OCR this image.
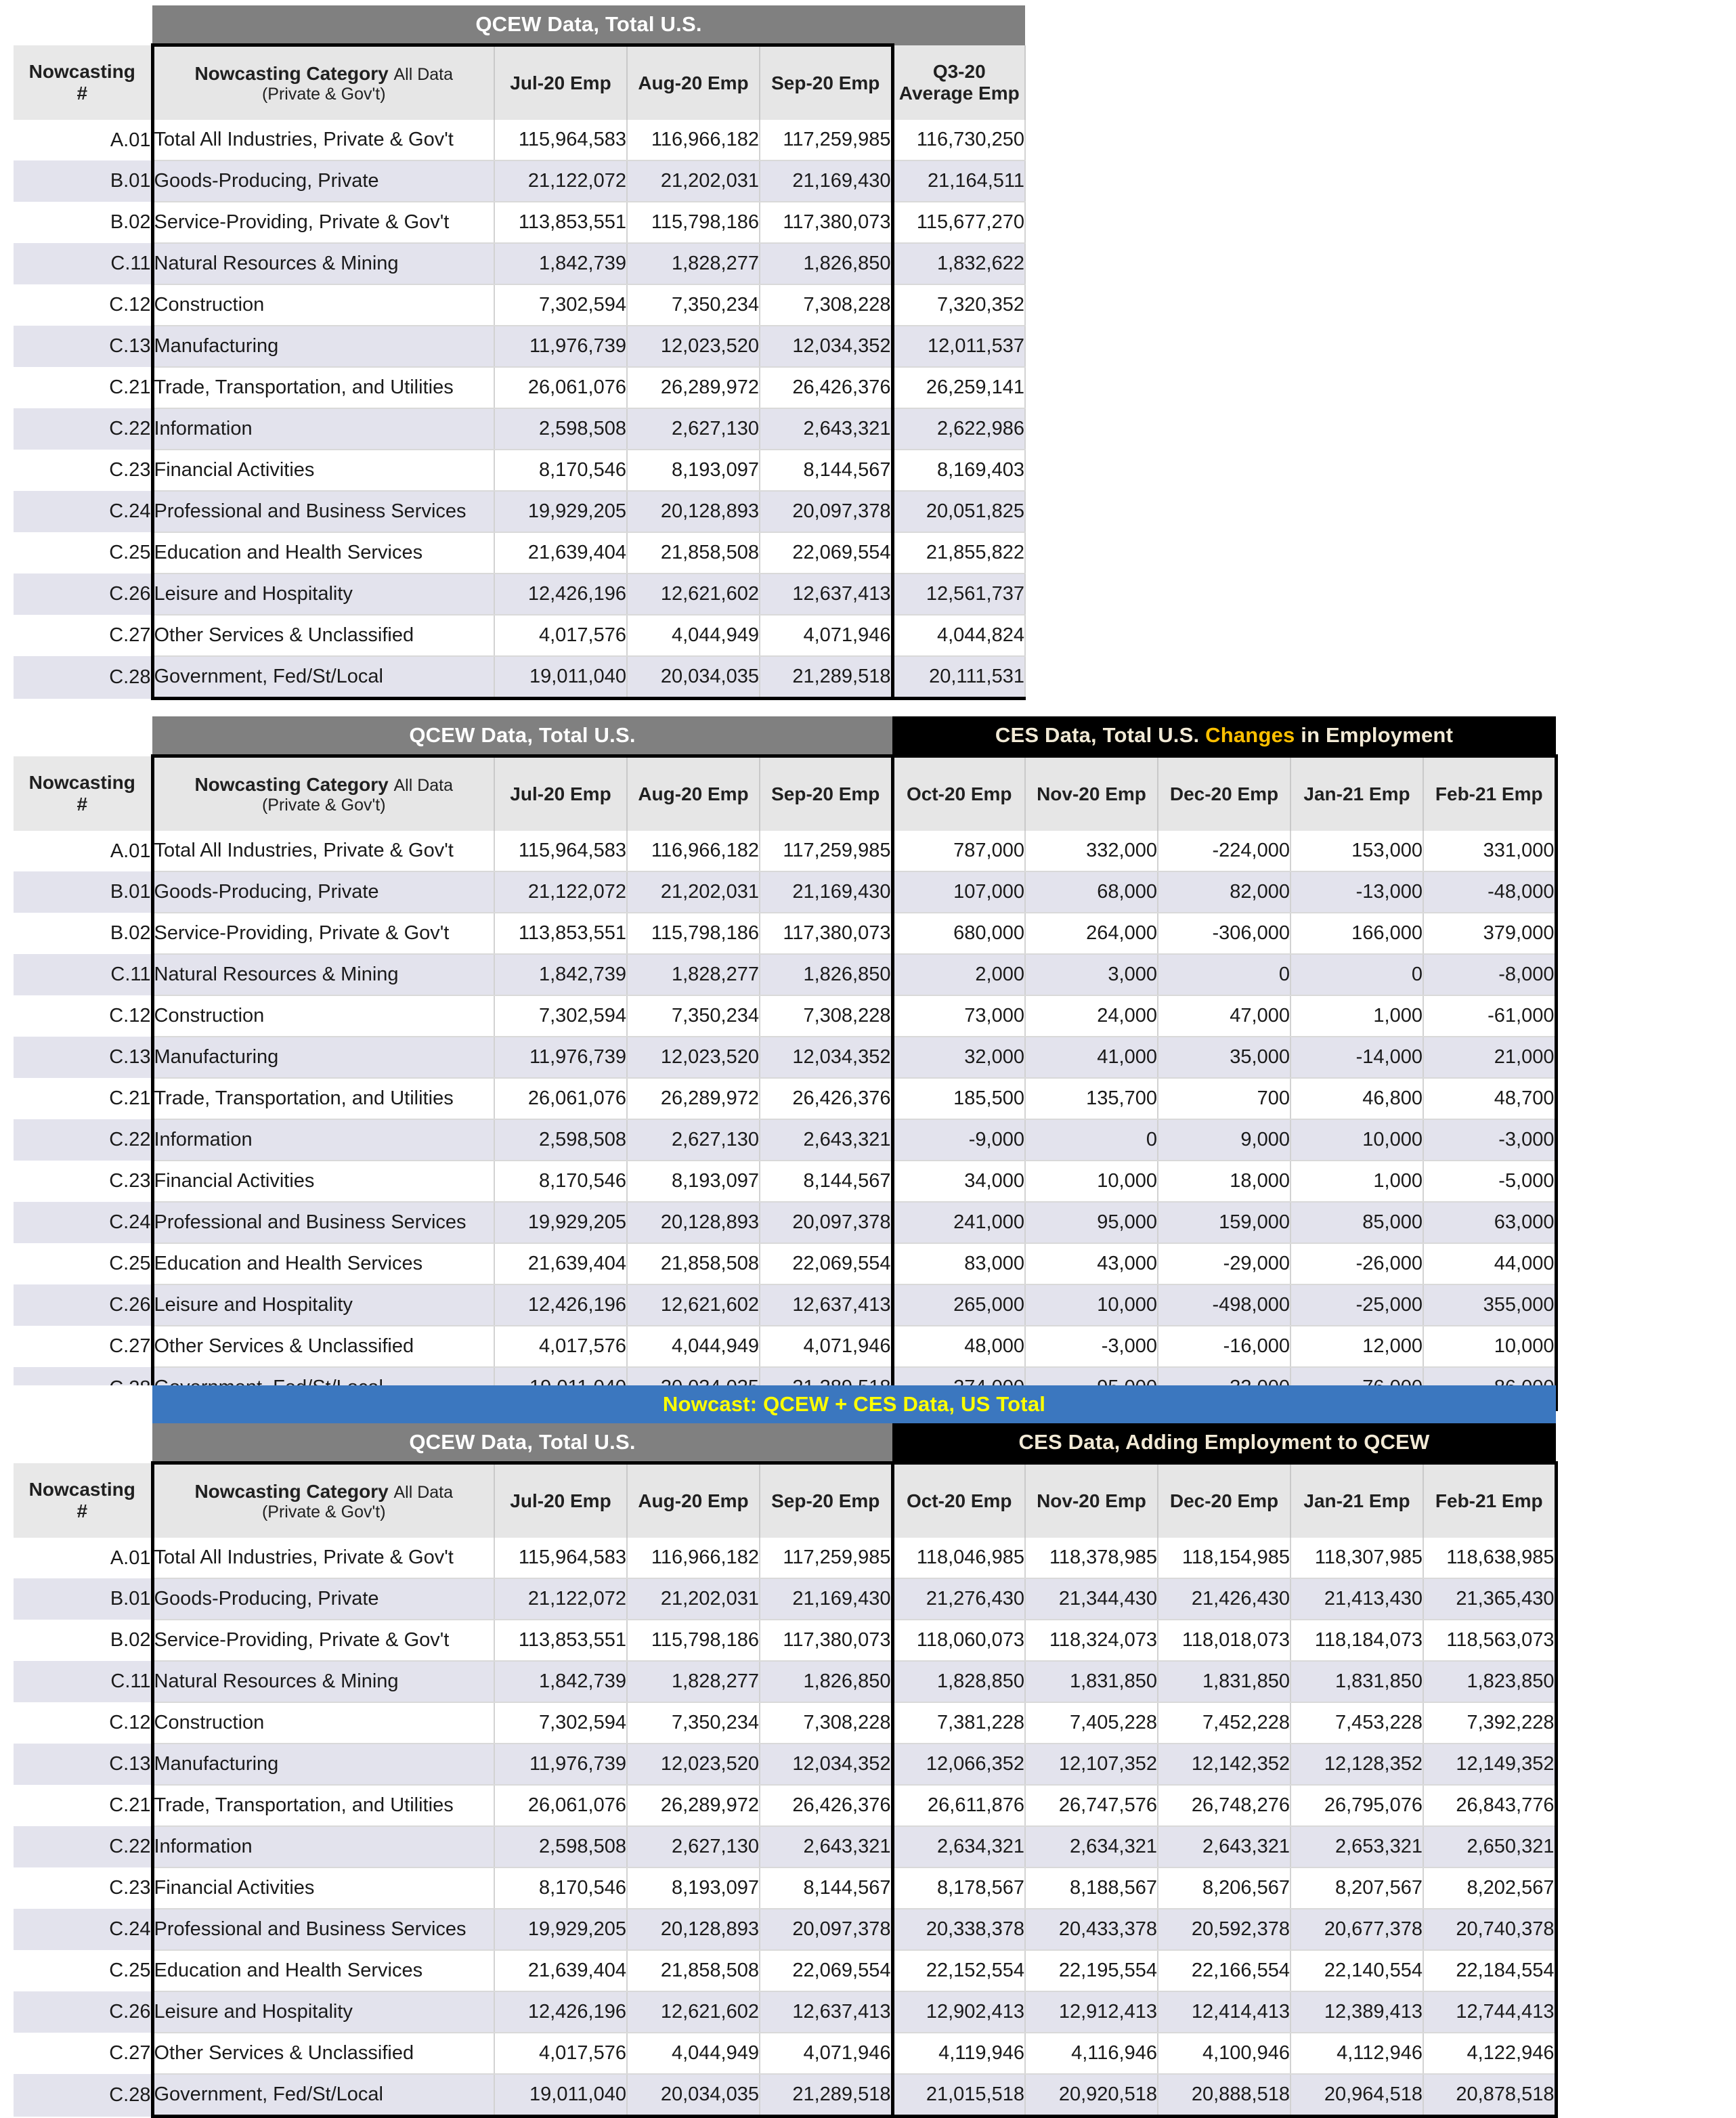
	QCEW Data, Total U.S.				
Nowcasting
#	Nowcasting Category All Data
(Private & Gov't)	Jul-20 Emp	Aug-20 Emp	Sep-20 Emp	Q3-20
Average Emp
A.01	Total All Industries, Private & Gov't	115,964,583	116,966,182	117,259,985	116,730,250
B.01	Goods-Producing, Private	21,122,072	21,202,031	21,169,430	21,164,511
B.02	Service-Providing, Private & Gov't	113,853,551	115,798,186	117,380,073	115,677,270
C.11	Natural Resources & Mining	1,842,739	1,828,277	1,826,850	1,832,622
C.12	Construction	7,302,594	7,350,234	7,308,228	7,320,352
C.13	Manufacturing	11,976,739	12,023,520	12,034,352	12,011,537
C.21	Trade, Transportation, and Utilities	26,061,076	26,289,972	26,426,376	26,259,141
C.22	Information	2,598,508	2,627,130	2,643,321	2,622,986
C.23	Financial Activities	8,170,546	8,193,097	8,144,567	8,169,403
C.24	Professional and Business Services	19,929,205	20,128,893	20,097,378	20,051,825
C.25	Education and Health Services	21,639,404	21,858,508	22,069,554	21,855,822
C.26	Leisure and Hospitality	12,426,196	12,621,602	12,637,413	12,561,737
C.27	Other Services & Unclassified	4,017,576	4,044,949	4,071,946	4,044,824
C.28	Government, Fed/St/Local	19,011,040	20,034,035	21,289,518	20,111,531
	QCEW Data, Total U.S.				CES Data, Total U.S. Changes in Employment				
Nowcasting
#	Nowcasting Category All Data
(Private & Gov't)	Jul-20 Emp	Aug-20 Emp	Sep-20 Emp	Oct-20 Emp	Nov-20 Emp	Dec-20 Emp	Jan-21 Emp	Feb-21 Emp
A.01	Total All Industries, Private & Gov't	115,964,583	116,966,182	117,259,985	787,000	332,000	-224,000	153,000	331,000
B.01	Goods-Producing, Private	21,122,072	21,202,031	21,169,430	107,000	68,000	82,000	-13,000	-48,000
B.02	Service-Providing, Private & Gov't	113,853,551	115,798,186	117,380,073	680,000	264,000	-306,000	166,000	379,000
C.11	Natural Resources & Mining	1,842,739	1,828,277	1,826,850	2,000	3,000	0	0	-8,000
C.12	Construction	7,302,594	7,350,234	7,308,228	73,000	24,000	47,000	1,000	-61,000
C.13	Manufacturing	11,976,739	12,023,520	12,034,352	32,000	41,000	35,000	-14,000	21,000
C.21	Trade, Transportation, and Utilities	26,061,076	26,289,972	26,426,376	185,500	135,700	700	46,800	48,700
C.22	Information	2,598,508	2,627,130	2,643,321	-9,000	0	9,000	10,000	-3,000
C.23	Financial Activities	8,170,546	8,193,097	8,144,567	34,000	10,000	18,000	1,000	-5,000
C.24	Professional and Business Services	19,929,205	20,128,893	20,097,378	241,000	95,000	159,000	85,000	63,000
C.25	Education and Health Services	21,639,404	21,858,508	22,069,554	83,000	43,000	-29,000	-26,000	44,000
C.26	Leisure and Hospitality	12,426,196	12,621,602	12,637,413	265,000	10,000	-498,000	-25,000	355,000
C.27	Other Services & Unclassified	4,017,576	4,044,949	4,071,946	48,000	-3,000	-16,000	12,000	10,000

	Nowcast: QCEW + CES Data, US Total								
	QCEW Data, Total U.S.				CES Data, Adding Employment to QCEW				
Nowcasting
#	Nowcasting Category All Data
(Private & Gov't)	Jul-20 Emp	Aug-20 Emp	Sep-20 Emp	Oct-20 Emp	Nov-20 Emp	Dec-20 Emp	Jan-21 Emp	Feb-21 Emp
A.01	Total All Industries, Private & Gov't	115,964,583	116,966,182	117,259,985	118,046,985	118,378,985	118,154,985	118,307,985	118,638,985
B.01	Goods-Producing, Private	21,122,072	21,202,031	21,169,430	21,276,430	21,344,430	21,426,430	21,413,430	21,365,430
B.02	Service-Providing, Private & Gov't	113,853,551	115,798,186	117,380,073	118,060,073	118,324,073	118,018,073	118,184,073	118,563,073
C.11	Natural Resources & Mining	1,842,739	1,828,277	1,826,850	1,828,850	1,831,850	1,831,850	1,831,850	1,823,850
C.12	Construction	7,302,594	7,350,234	7,308,228	7,381,228	7,405,228	7,452,228	7,453,228	7,392,228
C.13	Manufacturing	11,976,739	12,023,520	12,034,352	12,066,352	12,107,352	12,142,352	12,128,352	12,149,352
C.21	Trade, Transportation, and Utilities	26,061,076	26,289,972	26,426,376	26,611,876	26,747,576	26,748,276	26,795,076	26,843,776
C.22	Information	2,598,508	2,627,130	2,643,321	2,634,321	2,634,321	2,643,321	2,653,321	2,650,321
C.23	Financial Activities	8,170,546	8,193,097	8,144,567	8,178,567	8,188,567	8,206,567	8,207,567	8,202,567
C.24	Professional and Business Services	19,929,205	20,128,893	20,097,378	20,338,378	20,433,378	20,592,378	20,677,378	20,740,378
C.25	Education and Health Services	21,639,404	21,858,508	22,069,554	22,152,554	22,195,554	22,166,554	22,140,554	22,184,554
C.26	Leisure and Hospitality	12,426,196	12,621,602	12,637,413	12,902,413	12,912,413	12,414,413	12,389,413	12,744,413
C.27	Other Services & Unclassified	4,017,576	4,044,949	4,071,946	4,119,946	4,116,946	4,100,946	4,112,946	4,122,946
C.28	Government, Fed/St/Local	19,011,040	20,034,035	21,289,518	21,015,518	20,920,518	20,888,518	20,964,518	20,878,518
